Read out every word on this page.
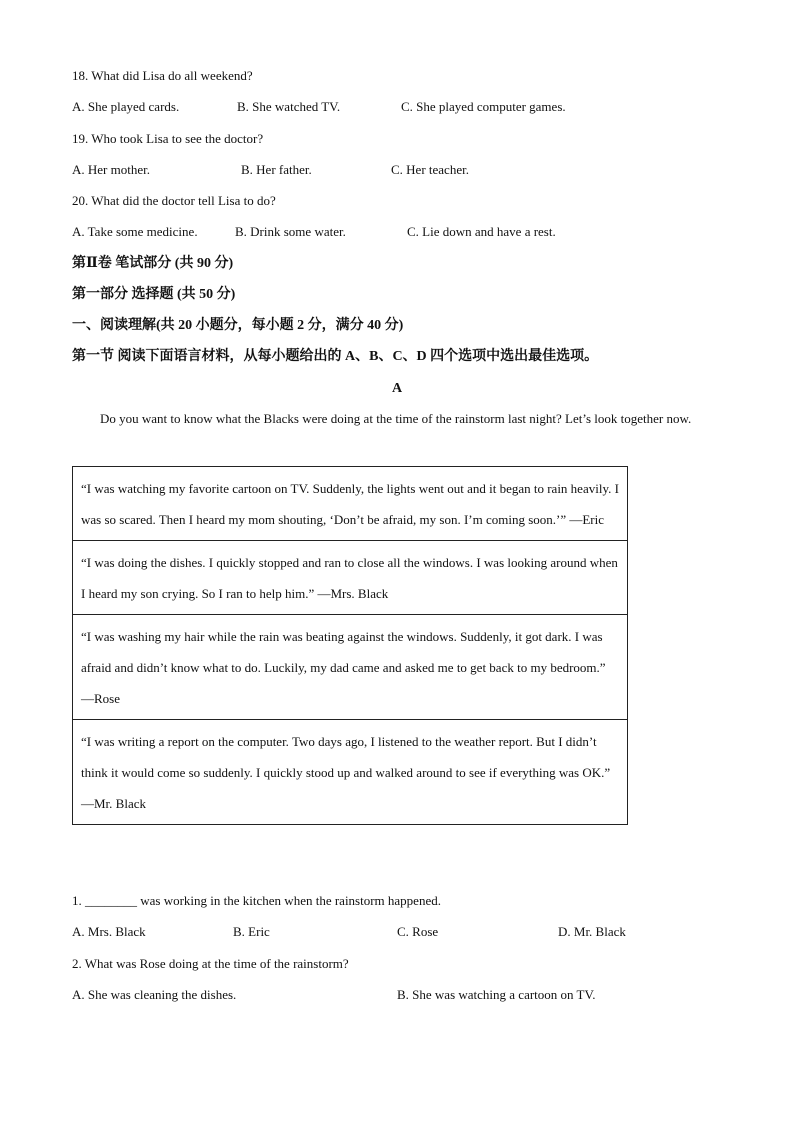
18. What did Lisa do all weekend?
A. She played cards.	B. She watched TV.	C. She played computer games.
19. Who took Lisa to see the doctor?
A. Her mother.	B. Her father.	C. Her teacher.
20. What did the doctor tell Lisa to do?
A. Take some medicine.	B. Drink some water.	C. Lie down and have a rest.
第Ⅱ卷 笔试部分 (共 90 分)
第一部分 选择题 (共 50 分)
一、阅读理解(共 20 小题分，每小题 2 分，满分 40 分)
第一节 阅读下面语言材料，从每小题给出的 A、B、C、D 四个选项中选出最佳选项。
A
Do you want to know what the Blacks were doing at the time of the rainstorm last night? Let’s look together now.
“I was watching my favorite cartoon on TV. Suddenly, the lights went out and it began to rain heavily. I was so scared. Then I heard my mom shouting, ‘Don’t be afraid, my son. I’m coming soon.’” —Eric
“I was doing the dishes. I quickly stopped and ran to close all the windows. I was looking around when I heard my son crying. So I ran to help him.” —Mrs. Black
“I was washing my hair while the rain was beating against the windows. Suddenly, it got dark. I was afraid and didn’t know what to do. Luckily, my dad came and asked me to get back to my bedroom.” —Rose
“I was writing a report on the computer. Two days ago, I listened to the weather report. But I didn’t think it would come so suddenly. I quickly stood up and walked around to see if everything was OK.” —Mr. Black
1. ________ was working in the kitchen when the rainstorm happened.
A. Mrs. Black	B. Eric	C. Rose	D. Mr. Black
2. What was Rose doing at the time of the rainstorm?
A. She was cleaning the dishes.	B. She was watching a cartoon on TV.
